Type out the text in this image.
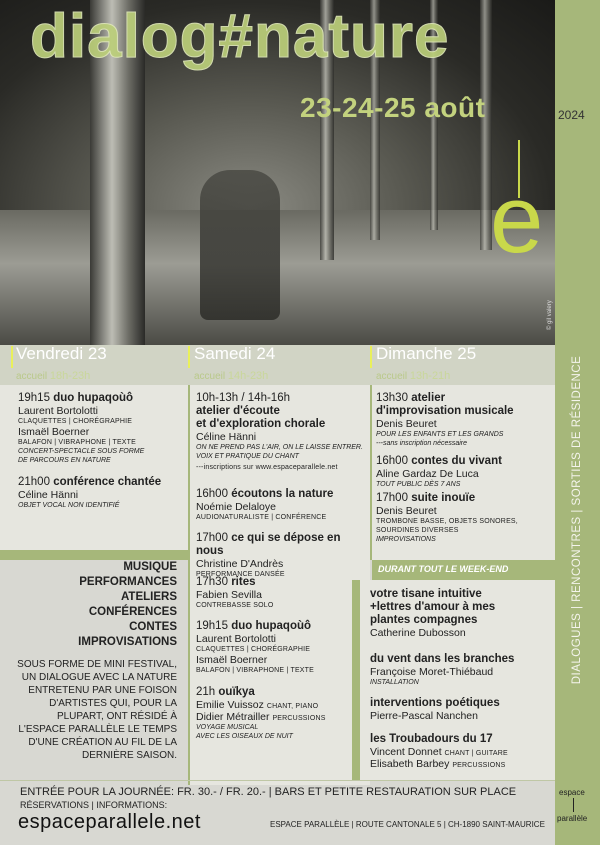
DIALOGUES | RENCONTRES | SORTIES DE RÉSIDENCE
dialog#nature
23-24-25 août	2024
e
© gil valery
Vendredi 23
accueil 18h-23h
Samedi 24
accueil 14h-23h
Dimanche 25
accueil 13h-21h
DURANT TOUT LE WEEK-END
19h15 duo hupaqoùô
Laurent Bortolotti
CLAQUETTES | CHORÉGRAPHIE
Ismaël Boerner
BALAFON | VIBRAPHONE | TEXTE
CONCERT-SPECTACLE SOUS FORME
DE PARCOURS EN NATURE
21h00 conférence chantée
Céline Hänni
OBJET VOCAL NON IDENTIFIÉ
10h-13h / 14h-16h
atelier d'écoute
et d'exploration chorale
Céline Hänni
ON NE PREND PAS L'AIR, ON LE LAISSE ENTRER.
VOIX ET PRATIQUE DU CHANT
---inscriptions sur www.espaceparallele.net
16h00 écoutons la nature
Noémie Delaloye
AUDIONATURALISTE | CONFÉRENCE
17h00 ce qui se dépose en nous
Christine D'Andrès
PERFORMANCE DANSÉE
17h30 rites
Fabien Sevilla
CONTREBASSE SOLO
19h15 duo hupaqoùô
Laurent Bortolotti
CLAQUETTES | CHORÉGRAPHIE
Ismaël Boerner
BALAFON | VIBRAPHONE | TEXTE
21h ouïkya
Emilie Vuissoz CHANT, PIANO
Didier Métrailler PERCUSSIONS
VOYAGE MUSICAL
AVEC LES OISEAUX DE NUIT
13h30 atelier
d'improvisation musicale
Denis Beuret
POUR LES ENFANTS ET LES GRANDS
---sans inscription nécessaire
16h00 contes du vivant
Aline Gardaz De Luca
TOUT PUBLIC DÈS 7 ANS
17h00 suite inouïe
Denis Beuret
TROMBONE BASSE, OBJETS SONORES,
SOURDINES DIVERSES
IMPROVISATIONS
votre tisane intuitive
+lettres d'amour à mes
plantes compagnes
Catherine Dubosson
du vent dans les branches
Françoise Moret-Thiébaud
INSTALLATION
interventions poétiques
Pierre-Pascal Nanchen
les Troubadours du 17
Vincent Donnet CHANT | GUITARE
Elisabeth Barbey PERCUSSIONS
MUSIQUE
PERFORMANCES
ATELIERS
CONFÉRENCES
CONTES
IMPROVISATIONS
SOUS FORME DE MINI FESTIVAL, UN DIALOGUE AVEC LA NATURE ENTRETENU PAR UNE FOISON D'ARTISTES QUI, POUR LA PLUPART, ONT RÉSIDÉ À L'ESPACE PARALLÈLE LE TEMPS D'UNE CRÉATION AU FIL DE LA DERNIÈRE SAISON.
ENTRÉE POUR LA JOURNÉE: FR. 30.- / FR. 20.- | BARS ET PETITE RESTAURATION SUR PLACE
RÉSERVATIONS | INFORMATIONS:
espaceparallele.net	ESPACE PARALLÈLE | ROUTE CANTONALE 5 | CH-1890 SAINT-MAURICE
espace
parallèle
